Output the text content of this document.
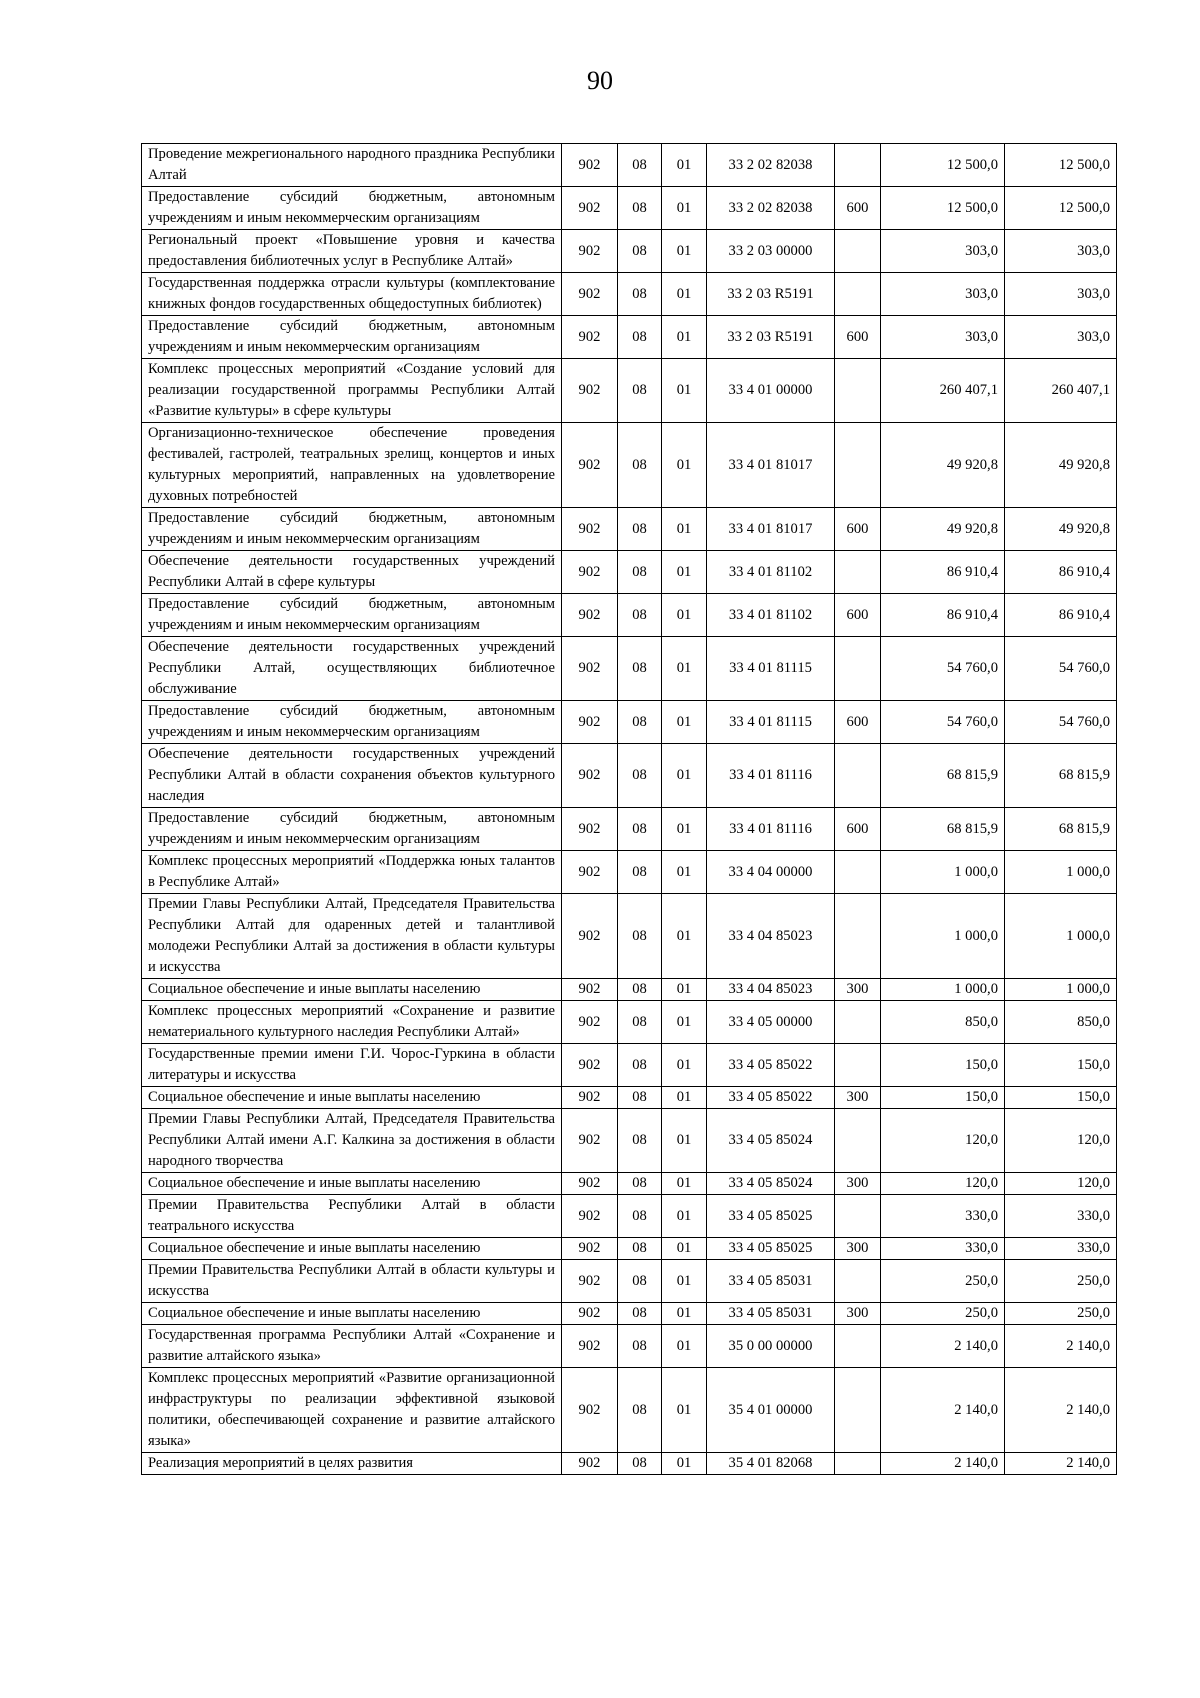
90
Проведение межрегионального народного праздника Республики Алтай	902	08	01	33 2 02 82038		12 500,0	12 500,0
Предоставление субсидий бюджетным, автономным учреждениям и иным некоммерческим организациям	902	08	01	33 2 02 82038	600	12 500,0	12 500,0
Региональный проект «Повышение уровня и качества предоставления библиотечных услуг в Республике Алтай»	902	08	01	33 2 03 00000		303,0	303,0
Государственная поддержка отрасли культуры (комплектование книжных фондов государственных общедоступных библиотек)	902	08	01	33 2 03 R5191		303,0	303,0
Предоставление субсидий бюджетным, автономным учреждениям и иным некоммерческим организациям	902	08	01	33 2 03 R5191	600	303,0	303,0
Комплекс процессных мероприятий «Создание условий для реализации государственной программы Республики Алтай «Развитие культуры» в сфере культуры	902	08	01	33 4 01 00000		260 407,1	260 407,1
Организационно-техническое обеспечение проведения фестивалей, гастролей, театральных зрелищ, концертов и иных культурных мероприятий, направленных на удовлетворение духовных потребностей	902	08	01	33 4 01 81017		49 920,8	49 920,8
Предоставление субсидий бюджетным, автономным учреждениям и иным некоммерческим организациям	902	08	01	33 4 01 81017	600	49 920,8	49 920,8
Обеспечение деятельности государственных учреждений Республики Алтай в сфере культуры	902	08	01	33 4 01 81102		86 910,4	86 910,4
Предоставление субсидий бюджетным, автономным учреждениям и иным некоммерческим организациям	902	08	01	33 4 01 81102	600	86 910,4	86 910,4
Обеспечение деятельности государственных учреждений Республики Алтай, осуществляющих библиотечное обслуживание	902	08	01	33 4 01 81115		54 760,0	54 760,0
Предоставление субсидий бюджетным, автономным учреждениям и иным некоммерческим организациям	902	08	01	33 4 01 81115	600	54 760,0	54 760,0
Обеспечение деятельности государственных учреждений Республики Алтай в области сохранения объектов культурного наследия	902	08	01	33 4 01 81116		68 815,9	68 815,9
Предоставление субсидий бюджетным, автономным учреждениям и иным некоммерческим организациям	902	08	01	33 4 01 81116	600	68 815,9	68 815,9
Комплекс процессных мероприятий «Поддержка юных талантов в Республике Алтай»	902	08	01	33 4 04 00000		1 000,0	1 000,0
Премии Главы Республики Алтай, Председателя Правительства Республики Алтай для одаренных детей и талантливой молодежи Республики Алтай за достижения в области культуры и искусства	902	08	01	33 4 04 85023		1 000,0	1 000,0
Социальное обеспечение и иные выплаты населению	902	08	01	33 4 04 85023	300	1 000,0	1 000,0
Комплекс процессных мероприятий «Сохранение и развитие нематериального культурного наследия Республики Алтай»	902	08	01	33 4 05 00000		850,0	850,0
Государственные премии имени Г.И. Чорос-Гуркина в области литературы и искусства	902	08	01	33 4 05 85022		150,0	150,0
Социальное обеспечение и иные выплаты населению	902	08	01	33 4 05 85022	300	150,0	150,0
Премии Главы Республики Алтай, Председателя Правительства Республики Алтай имени А.Г. Калкина за достижения в области народного творчества	902	08	01	33 4 05 85024		120,0	120,0
Социальное обеспечение и иные выплаты населению	902	08	01	33 4 05 85024	300	120,0	120,0
Премии Правительства Республики Алтай в области театрального искусства	902	08	01	33 4 05 85025		330,0	330,0
Социальное обеспечение и иные выплаты населению	902	08	01	33 4 05 85025	300	330,0	330,0
Премии Правительства Республики Алтай в области культуры и искусства	902	08	01	33 4 05 85031		250,0	250,0
Социальное обеспечение и иные выплаты населению	902	08	01	33 4 05 85031	300	250,0	250,0
Государственная программа Республики Алтай «Сохранение и развитие алтайского языка»	902	08	01	35 0 00 00000		2 140,0	2 140,0
Комплекс процессных мероприятий «Развитие организационной инфраструктуры по реализации эффективной языковой политики, обеспечивающей сохранение и развитие алтайского языка»	902	08	01	35 4 01 00000		2 140,0	2 140,0
Реализация мероприятий в целях развития	902	08	01	35 4 01 82068		2 140,0	2 140,0
